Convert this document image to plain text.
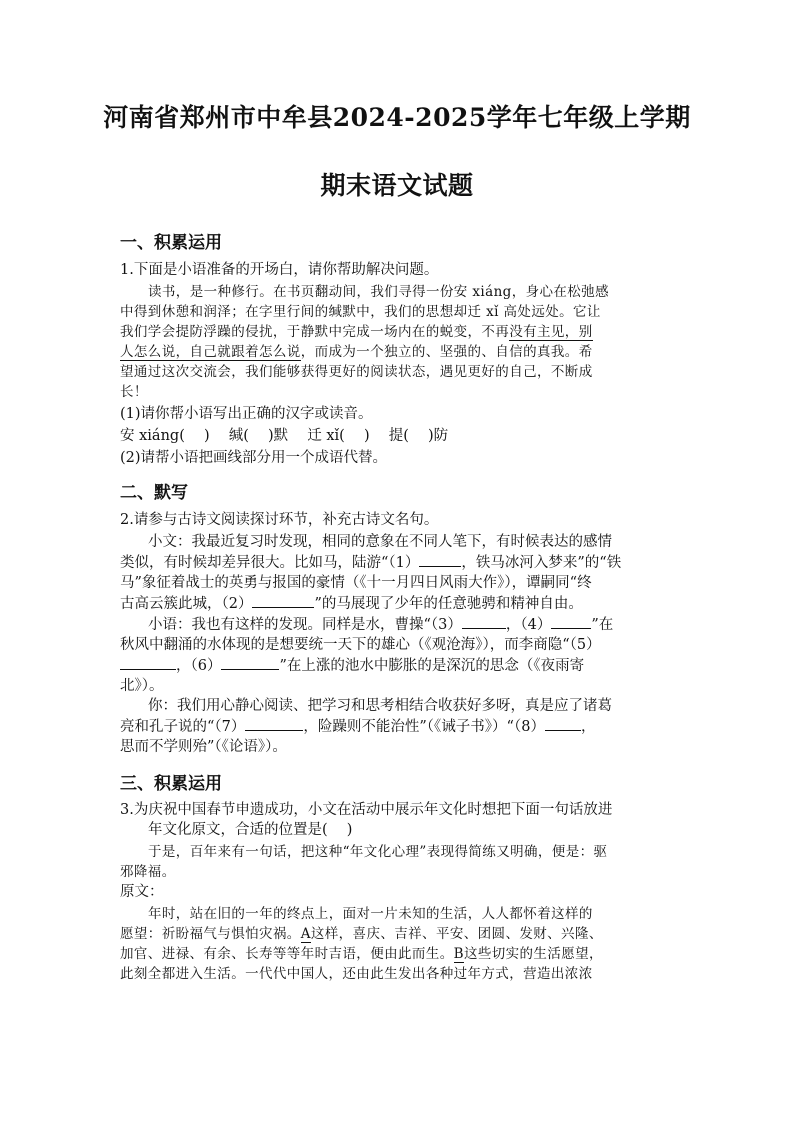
河南省郑州市中牟县2024-2025学年七年级上学期
期末语文试题
一、积累运用
1.下面是小语准备的开场白，请你帮助解决问题。
读书，是一种修行。在书页翻动间，我们寻得一份安 xiáng，身心在松弛感
中得到休憩和润泽；在字里行间的缄默中，我们的思想却迁 xǐ 高处远处。它让
我们学会提防浮躁的侵扰，于静默中完成一场内在的蜕变，不再没有主见，别
人怎么说，自己就跟着怎么说，而成为一个独立的、坚强的、自信的真我。希
望通过这次交流会，我们能够获得更好的阅读状态，遇见更好的自己，不断成
长！
(1)请你帮小语写出正确的汉字或读音。
安 xiáng(　 )　 缄(　 )默　 迁 xǐ(　 )　 提(　 )防
(2)请帮小语把画线部分用一个成语代替。
二、默写
2.请参与古诗文阅读探讨环节，补充古诗文名句。
小文：我最近复习时发现，相同的意象在不同人笔下，有时候表达的感情
类似，有时候却差异很大。比如马，陆游“（1）	，铁马冰河入梦来”的“铁
马”象征着战士的英勇与报国的豪情（《十一月四日风雨大作》），谭嗣同“终
古高云簇此城，（2）	”的马展现了少年的任意驰骋和精神自由。
小语：我也有这样的发现。同样是水，曹操“（3）	，（4）	”在
秋风中翻涌的水体现的是想要统一天下的雄心（《观沧海》），而李商隐“（5）
，（6）	”在上涨的池水中膨胀的是深沉的思念（《夜雨寄
北》）。
你：我们用心静心阅读、把学习和思考相结合收获好多呀，真是应了诸葛
亮和孔子说的“（7）	，险躁则不能治性”（《诫子书》）“（8） ，
思而不学则殆”（《论语》）。
三、积累运用
3.为庆祝中国春节申遗成功，小文在活动中展示年文化时想把下面一句话放进
年文化原文，合适的位置是(　 )
于是，百年来有一句话，把这种“年文化心理”表现得简练又明确，便是：驱
邪降福。
原文：
年时，站在旧的一年的终点上，面对一片未知的生活，人人都怀着这样的
愿望：祈盼福气与惧怕灾祸。A这样，喜庆、吉祥、平安、团圆、发财、兴隆、
加官、进禄、有余、长寿等等年时吉语，便由此而生。B这些切实的生活愿望，
此刻全都进入生活。一代代中国人，还由此生发出各种过年方式，营造出浓浓
